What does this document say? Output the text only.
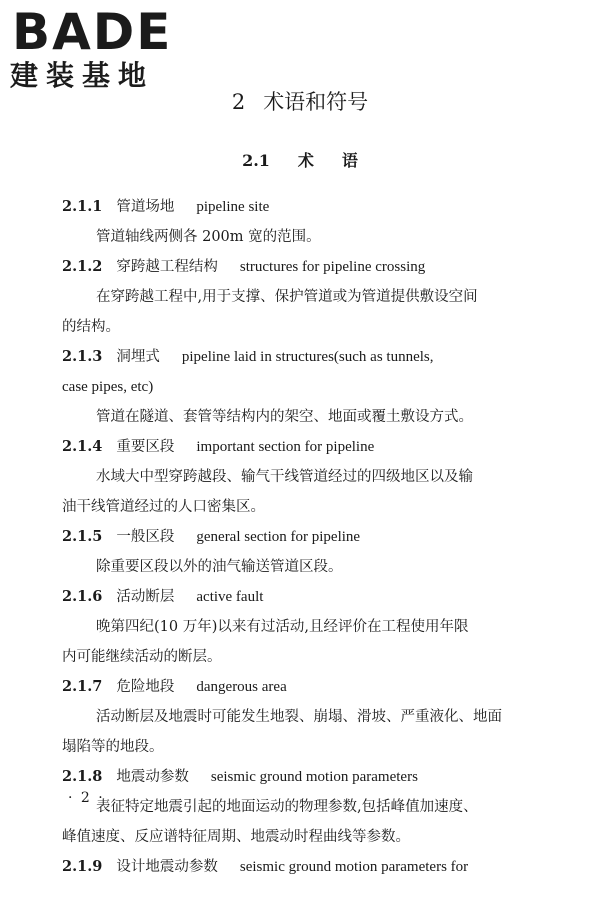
BADE
建装基地
2 术语和符号
2.1 术 语
2.1.1 管道场地 pipeline site
管道轴线两侧各 200m 宽的范围。
2.1.2 穿跨越工程结构 structures for pipeline crossing
在穿跨越工程中,用于支撑、保护管道或为管道提供敷设空间
的结构。
2.1.3 洞埋式 pipeline laid in structures(such as tunnels,
case pipes, etc)
管道在隧道、套管等结构内的架空、地面或覆土敷设方式。
2.1.4 重要区段 important section for pipeline
水域大中型穿跨越段、输气干线管道经过的四级地区以及输
油干线管道经过的人口密集区。
2.1.5 一般区段 general section for pipeline
除重要区段以外的油气输送管道区段。
2.1.6 活动断层 active fault
晚第四纪(10 万年)以来有过活动,且经评价在工程使用年限
内可能继续活动的断层。
2.1.7 危险地段 dangerous area
活动断层及地震时可能发生地裂、崩塌、滑坡、严重液化、地面
塌陷等的地段。
2.1.8 地震动参数 seismic ground motion parameters
表征特定地震引起的地面运动的物理参数,包括峰值加速度、
峰值速度、反应谱特征周期、地震动时程曲线等参数。
2.1.9 设计地震动参数 seismic ground motion parameters for
· 2 ·
